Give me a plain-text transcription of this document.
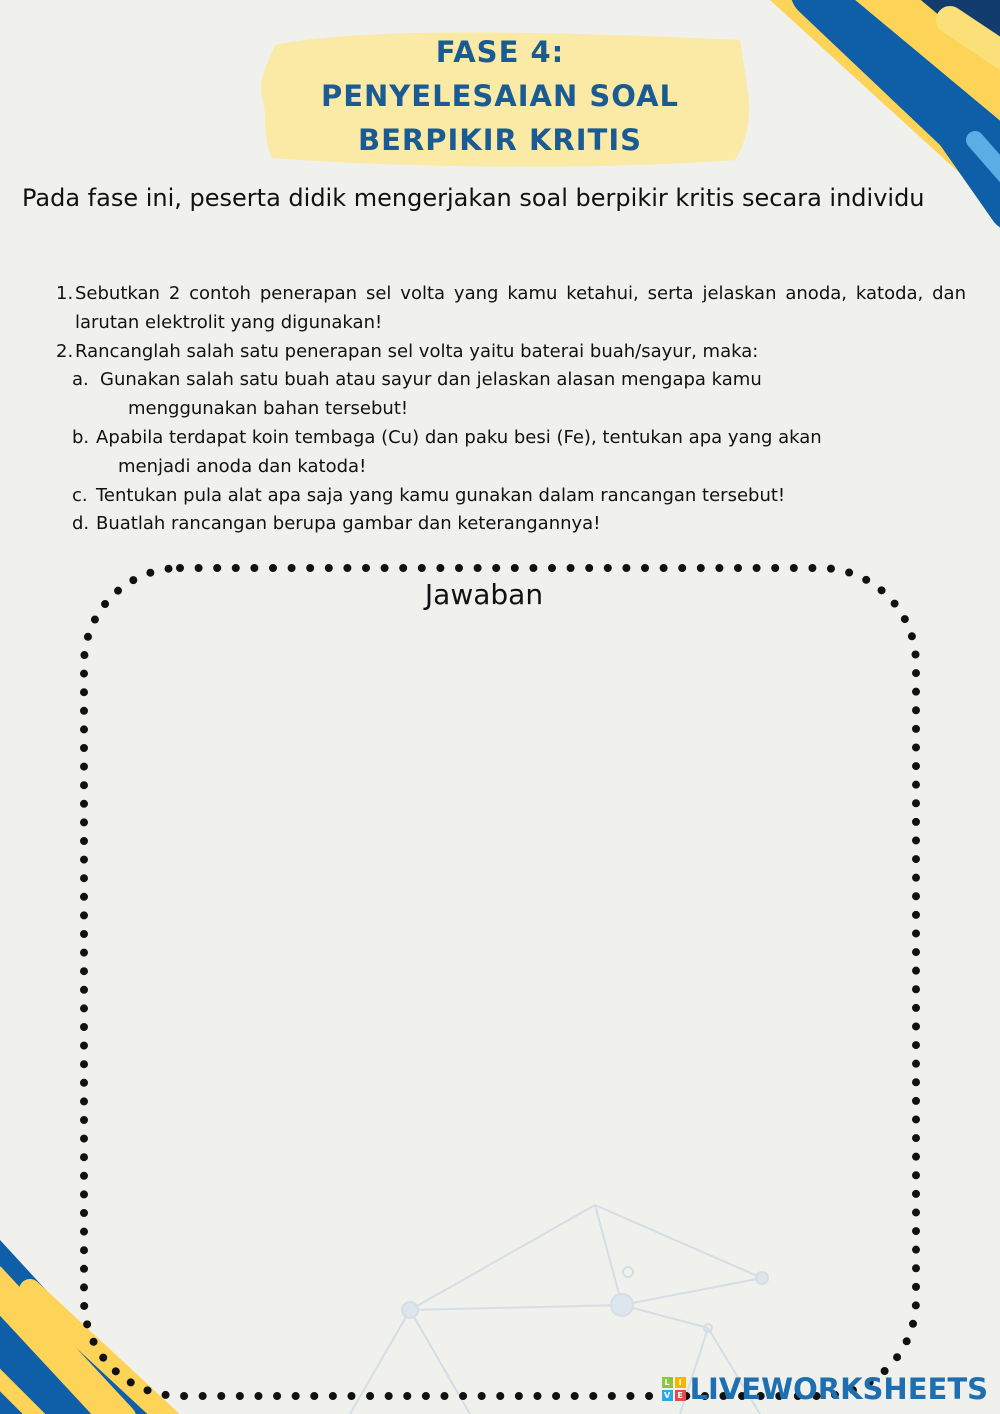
FASE 4:
PENYELESAIAN SOAL
BERPIKIR KRITIS
Pada fase ini, peserta didik mengerjakan soal berpikir kritis secara individu
1. Sebutkan 2 contoh penerapan sel volta yang kamu ketahui, serta jelaskan anoda, katoda, dan larutan elektrolit yang digunakan!
2. Rancanglah salah satu penerapan sel volta yaitu baterai buah/sayur, maka:
a. Gunakan salah satu buah atau sayur dan jelaskan alasan mengapa kamu
menggunakan bahan tersebut!
b. Apabila terdapat koin tembaga (Cu) dan paku besi (Fe), tentukan apa yang akan
menjadi anoda dan katoda!
c. Tentukan pula alat apa saja yang kamu gunakan dalam rancangan tersebut!
d. Buatlah rancangan berupa gambar dan keterangannya!
Jawaban
L	I
V E LIVEWORKSHEETS
